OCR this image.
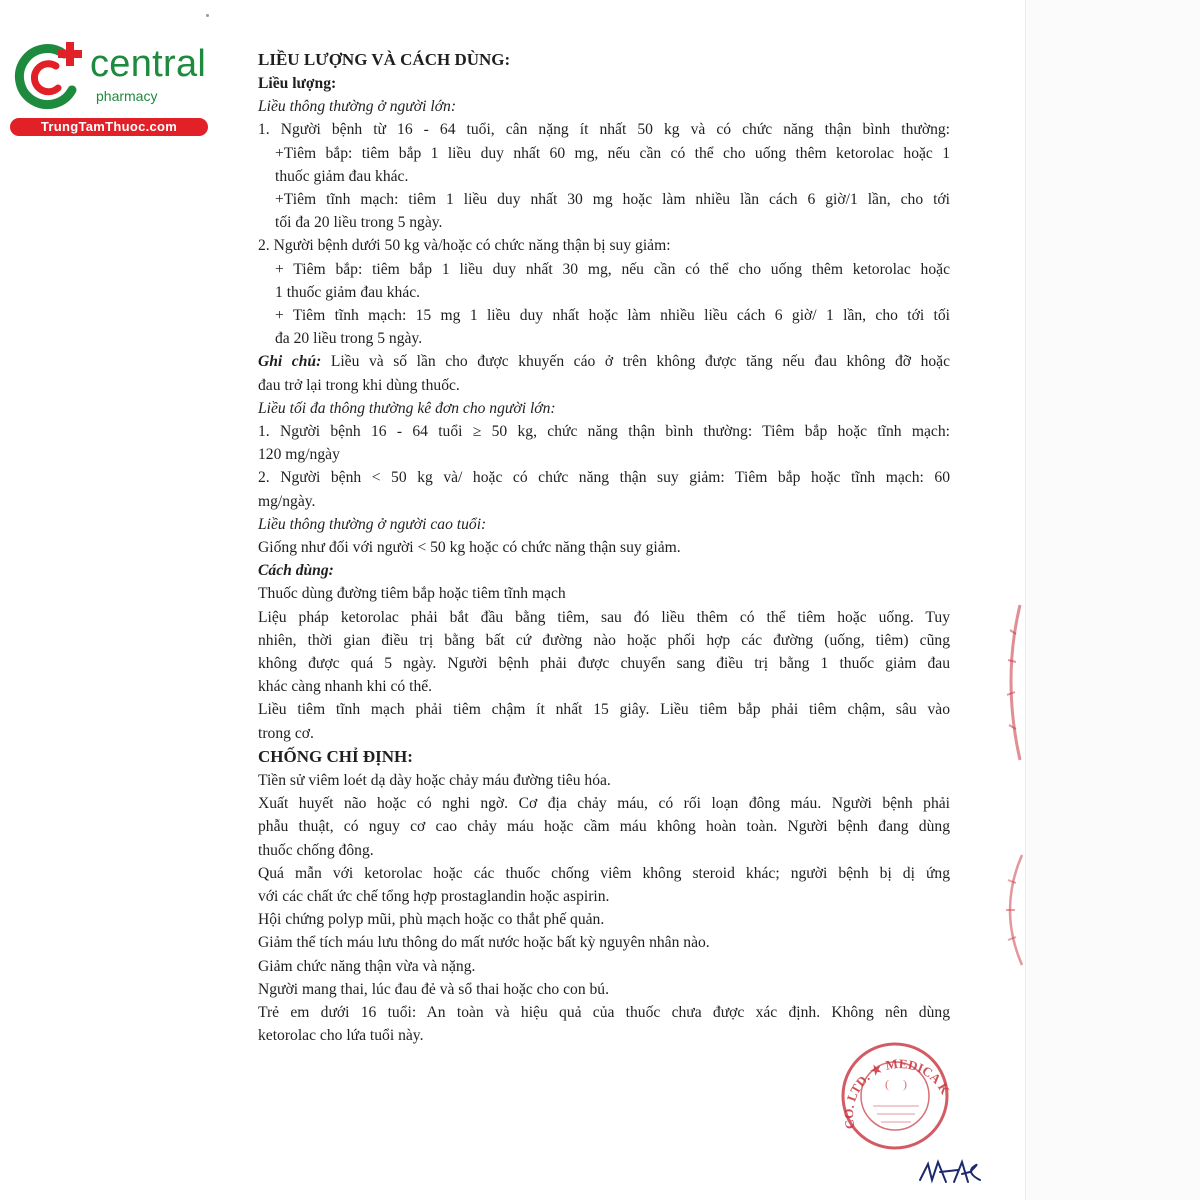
central
pharmacy
TrungTamThuoc.com

LIỀU LƯỢNG VÀ CÁCH DÙNG:

Liều lượng:

Liều thông thường ở người lớn:

1. Người bệnh từ 16 - 64 tuổi, cân nặng ít nhất 50 kg và có chức năng thận bình thường:

+Tiêm bắp: tiêm bắp 1 liều duy nhất 60 mg, nếu cần có thể cho uống thêm ketorolac hoặc 1

thuốc giảm đau khác.

+Tiêm tĩnh mạch: tiêm 1 liều duy nhất 30 mg hoặc làm nhiều lần cách 6 giờ/1 lần, cho tới

tối đa 20 liều trong 5 ngày.

2. Người bệnh dưới 50 kg và/hoặc có chức năng thận bị suy giảm:

+ Tiêm bắp: tiêm bắp 1 liều duy nhất 30 mg, nếu cần có thể cho uống thêm ketorolac hoặc

1 thuốc giảm đau khác.

+ Tiêm tĩnh mạch: 15 mg 1 liều duy nhất hoặc làm nhiều liều cách 6 giờ/ 1 lần, cho tới tối

đa 20 liều trong 5 ngày.

Ghi chú: Liều và số lần cho được khuyến cáo ở trên không được tăng nếu đau không đỡ hoặc

đau trở lại trong khi dùng thuốc.

Liều tối đa thông thường kê đơn cho người lớn:

1. Người bệnh 16 - 64 tuổi ≥ 50 kg, chức năng thận bình thường: Tiêm bắp hoặc tĩnh mạch:

120 mg/ngày

2. Người bệnh < 50 kg và/ hoặc có chức năng thận suy giảm: Tiêm bắp hoặc tĩnh mạch: 60

mg/ngày.

Liều thông thường ở người cao tuổi:

Giống như đối với người < 50 kg hoặc có chức năng thận suy giảm.

Cách dùng:

Thuốc dùng đường tiêm bắp hoặc tiêm tĩnh mạch

Liệu pháp ketorolac phải bắt đầu bằng tiêm, sau đó liều thêm có thể tiêm hoặc uống. Tuy

nhiên, thời gian điều trị bằng bất cứ đường nào hoặc phối hợp các đường (uống, tiêm) cũng

không được quá 5 ngày. Người bệnh phải được chuyển sang điều trị bằng 1 thuốc giảm đau

khác càng nhanh khi có thể.

Liều tiêm tĩnh mạch phải tiêm chậm ít nhất 15 giây. Liều tiêm bắp phải tiêm chậm, sâu vào

trong cơ.

CHỐNG CHỈ ĐỊNH:

Tiền sử viêm loét dạ dày hoặc chảy máu đường tiêu hóa.

Xuất huyết não hoặc có nghi ngờ. Cơ địa chảy máu, có rối loạn đông máu. Người bệnh phải

phẫu thuật, có nguy cơ cao chảy máu hoặc cầm máu không hoàn toàn. Người bệnh đang dùng

thuốc chống đông.

Quá mẫn với ketorolac hoặc các thuốc chống viêm không steroid khác; người bệnh bị dị ứng

với các chất ức chế tổng hợp prostaglandin hoặc aspirin.

Hội chứng polyp mũi, phù mạch hoặc co thắt phế quản.

Giảm thể tích máu lưu thông do mất nước hoặc bất kỳ nguyên nhân nào.

Giảm chức năng thận vừa và nặng.

Người mang thai, lúc đau đẻ và sổ thai hoặc cho con bú.

Trẻ em dưới 16 tuổi: An toàn và hiệu quả của thuốc chưa được xác định. Không nên dùng

ketorolac cho lứa tuổi này.

CO. LTD. ★ MEDICA K
( )
